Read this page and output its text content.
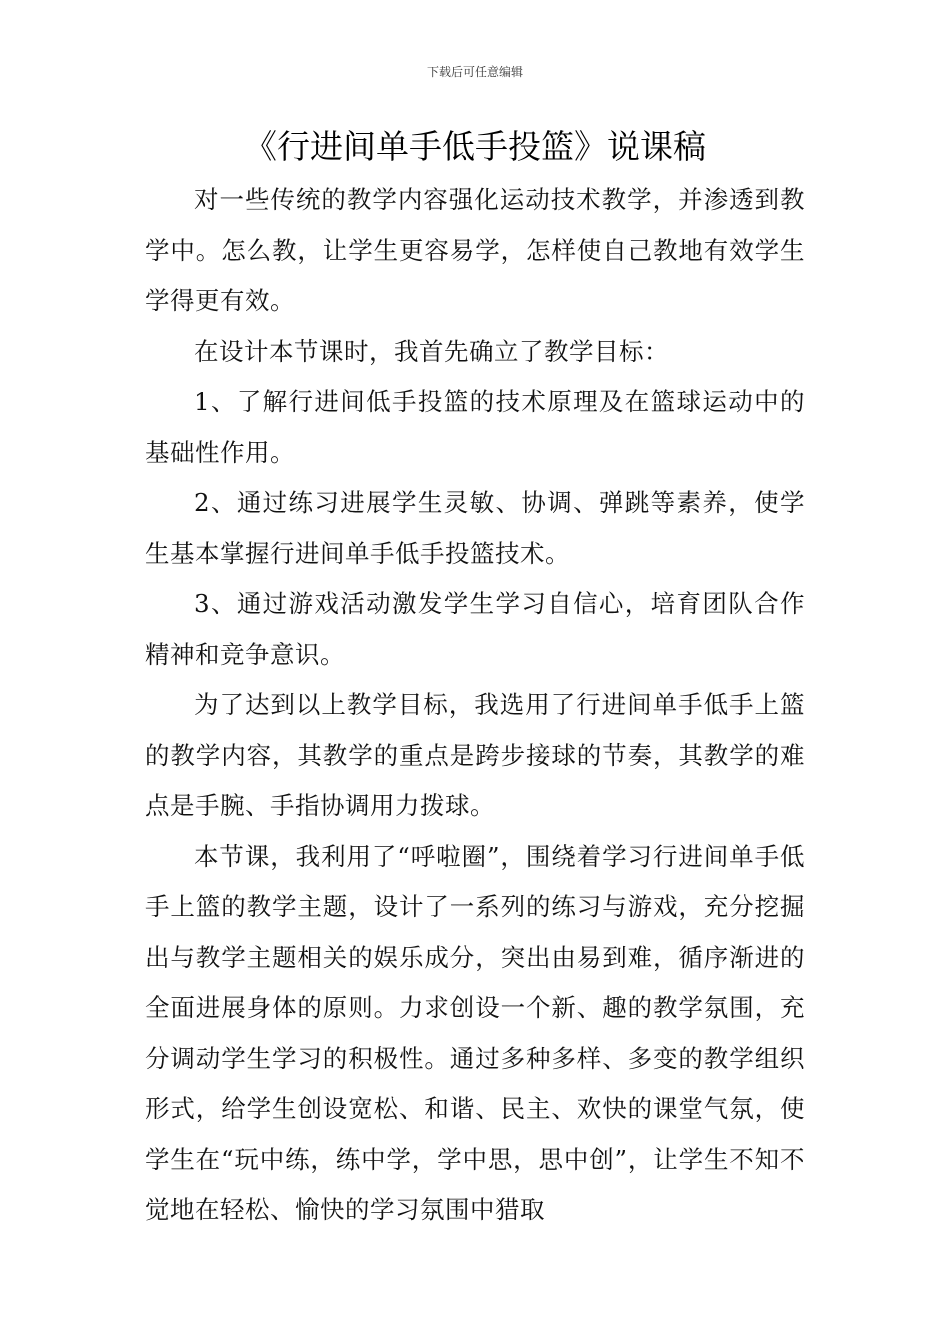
下载后可任意编辑
《行进间单手低手投篮》说课稿

对一些传统的教学内容强化运动技术教学，并渗透到教学中。怎么教，让学生更容易学，怎样使自己教地有效学生学得更有效。

在设计本节课时，我首先确立了教学目标：

1、了解行进间低手投篮的技术原理及在篮球运动中的基础性作用。

2、通过练习进展学生灵敏、协调、弹跳等素养，使学生基本掌握行进间单手低手投篮技术。

3、通过游戏活动激发学生学习自信心，培育团队合作精神和竞争意识。

为了达到以上教学目标，我选用了行进间单手低手上篮的教学内容，其教学的重点是跨步接球的节奏，其教学的难点是手腕、手指协调用力拨球。

本节课，我利用了“呼啦圈”，围绕着学习行进间单手低手上篮的教学主题，设计了一系列的练习与游戏，充分挖掘出与教学主题相关的娱乐成分，突出由易到难，循序渐进的全面进展身体的原则。力求创设一个新、趣的教学氛围，充分调动学生学习的积极性。通过多种多样、多变的教学组织形式，给学生创设宽松、和谐、民主、欢快的课堂气氛，使学生在“玩中练，练中学，学中思，思中创”，让学生不知不觉地在轻松、愉快的学习氛围中猎取
